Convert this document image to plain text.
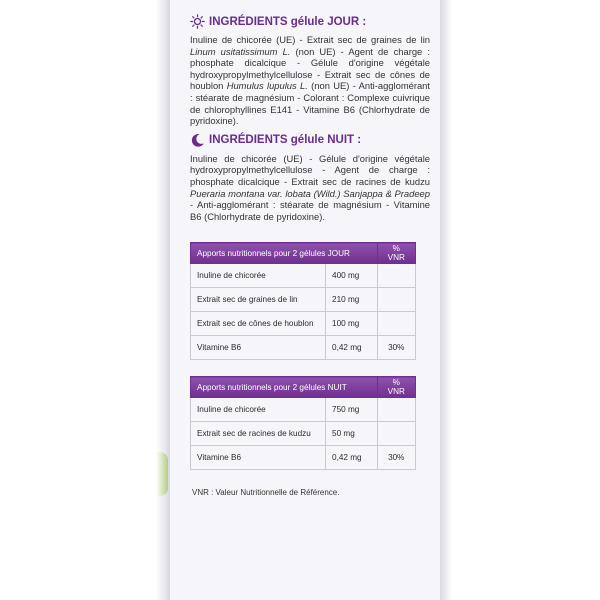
INGRÉDIENTS gélule JOUR :

Inuline de chicorée (UE) - Extrait sec de graines de lin Linum usitatissimum L. (non UE) - Agent de charge : phosphate dicalcique - Gélule d'origine végétale hydroxypropylmethylcellulose - Extrait sec de cônes de houblon Humulus lupulus L. (non UE) - Anti-agglomérant : stéarate de magnésium - Colorant : Complexe cuivrique de chlorophyllines E141 - Vitamine B6 (Chlorhydrate de pyridoxine).

INGRÉDIENTS gélule NUIT :

Inuline de chicorée (UE) - Gélule d'origine végétale hydroxypropylmethylcellulose - Agent de charge : phosphate dicalcique - Extrait sec de racines de kudzu Pueraria montana var. lobata (Wild.) Sanjappa & Pradeep - Anti-agglomérant : stéarate de magnésium - Vitamine B6 (Chlorhydrate de pyridoxine).

Apports nutritionnels pour 2 gélules JOUR		% VNR
Inuline de chicorée	400 mg	
Extrait sec de graines de lin	210 mg	
Extrait sec de cônes de houblon	100 mg	
Vitamine B6	0,42 mg	30%
Apports nutritionnels pour 2 gélules NUIT		% VNR
Inuline de chicorée	750 mg	
Extrait sec de racines de kudzu	50 mg	
Vitamine B6	0,42 mg	30%
VNR : Valeur Nutritionnelle de Référence.
